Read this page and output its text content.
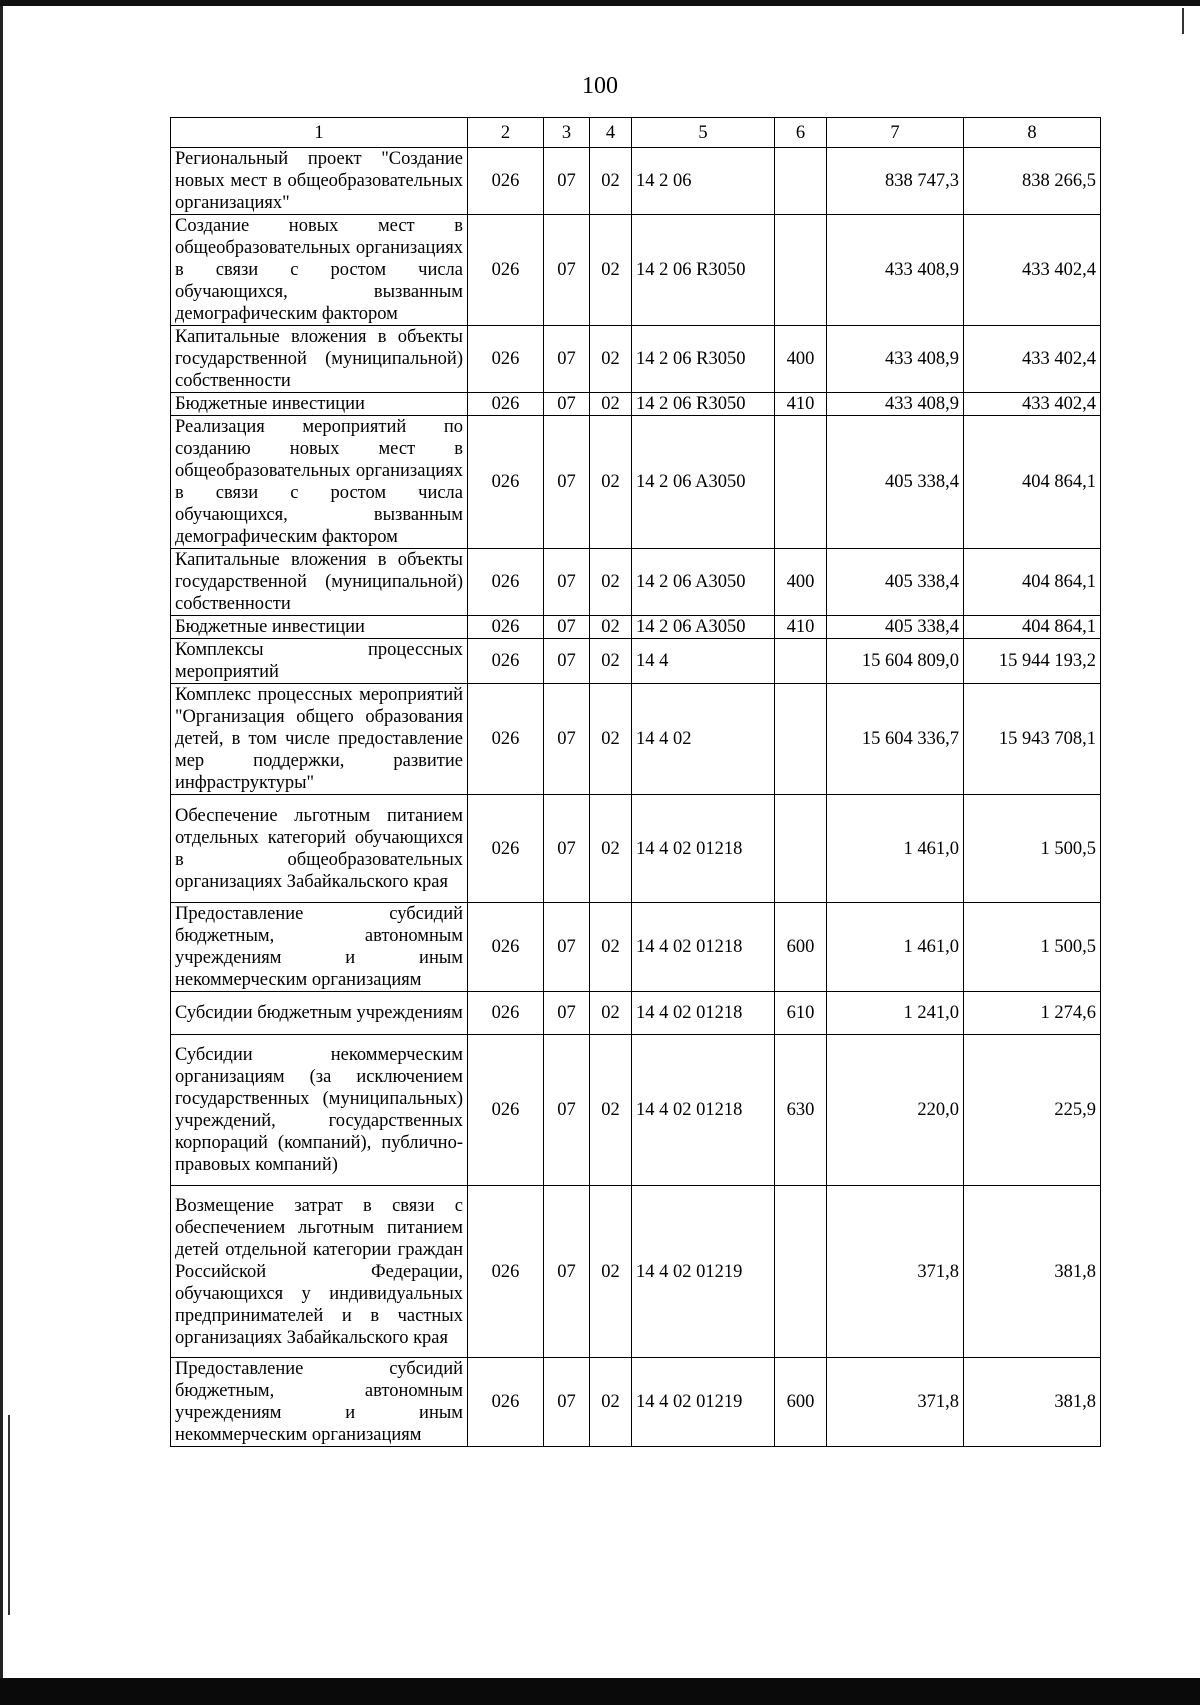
100
1	2	3	4	5	6	7	8
Региональный проект "Создание новых мест в общеобразовательных организациях"	026	07	02	14 2 06		838 747,3	838 266,5
Создание новых мест в общеобразовательных организациях в связи с ростом числа обучающихся, вызванным демографическим фактором	026	07	02	14 2 06 R3050		433 408,9	433 402,4
Капитальные вложения в объекты государственной (муниципальной) собственности	026	07	02	14 2 06 R3050	400	433 408,9	433 402,4
Бюджетные инвестиции	026	07	02	14 2 06 R3050	410	433 408,9	433 402,4
Реализация мероприятий по созданию новых мест в общеобразовательных организациях в связи с ростом числа обучающихся, вызванным демографическим фактором	026	07	02	14 2 06 A3050		405 338,4	404 864,1
Капитальные вложения в объекты государственной (муниципальной) собственности	026	07	02	14 2 06 A3050	400	405 338,4	404 864,1
Бюджетные инвестиции	026	07	02	14 2 06 A3050	410	405 338,4	404 864,1
Комплексы процессных мероприятий	026	07	02	14 4		15 604 809,0	15 944 193,2
Комплекс процессных мероприятий "Организация общего образования детей, в том числе предоставление мер поддержки, развитие инфраструктуры"	026	07	02	14 4 02		15 604 336,7	15 943 708,1
Обеспечение льготным питанием отдельных категорий обучающихся в общеобразовательных организациях Забайкальского края	026	07	02	14 4 02 01218		1 461,0	1 500,5
Предоставление субсидий бюджетным, автономным учреждениям и иным некоммерческим организациям	026	07	02	14 4 02 01218	600	1 461,0	1 500,5
Субсидии бюджетным учреждениям	026	07	02	14 4 02 01218	610	1 241,0	1 274,6
Субсидии некоммерческим организациям (за исключением государственных (муниципальных) учреждений, государственных корпораций (компаний), публично-правовых компаний)	026	07	02	14 4 02 01218	630	220,0	225,9
Возмещение затрат в связи с обеспечением льготным питанием детей отдельной категории граждан Российской Федерации, обучающихся у индивидуальных предпринимателей и в частных организациях Забайкальского края	026	07	02	14 4 02 01219		371,8	381,8
Предоставление субсидий бюджетным, автономным учреждениям и иным некоммерческим организациям	026	07	02	14 4 02 01219	600	371,8	381,8
